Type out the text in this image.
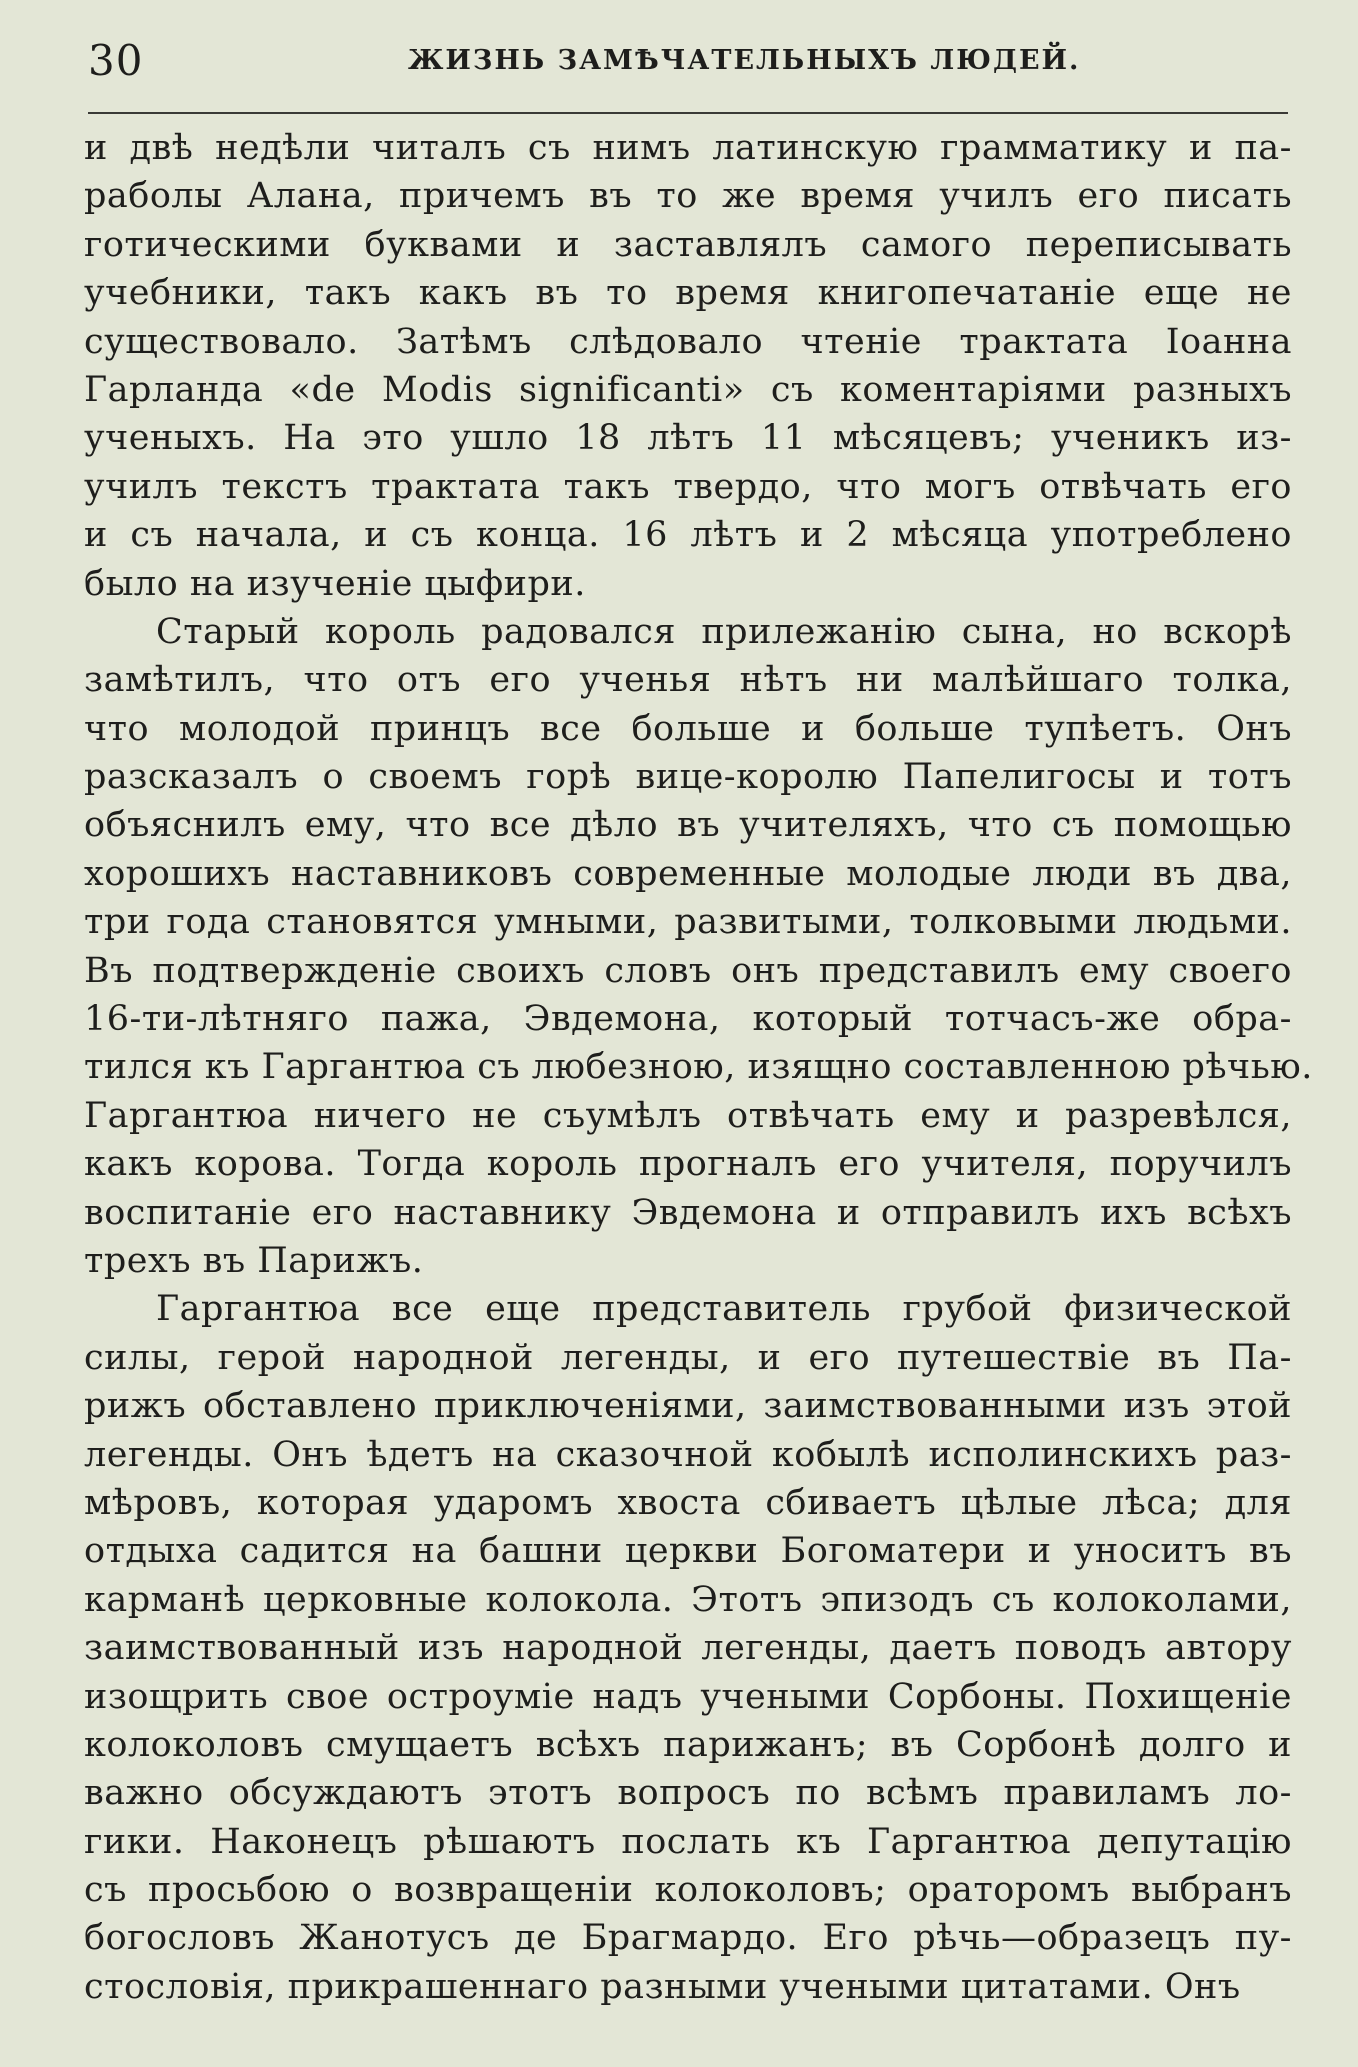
30	ЖИЗНЬ ЗАМѢЧАТЕЛЬНЫХЪ ЛЮДЕЙ.
и двѣ недѣли читалъ съ нимъ латинскую грамматику и па-
раболы Алана, причемъ въ то же время училъ его писать
готическими буквами и заставлялъ самого переписывать
учебники, такъ какъ въ то время книгопечатанiе еще не
существовало. Затѣмъ слѣдовало чтенiе трактата Iоанна
Гарланда «de Modis significanti» съ коментарiями разныхъ
ученыхъ. На это ушло 18 лѣтъ 11 мѣсяцевъ; ученикъ из-
училъ текстъ трактата такъ твердо, что могъ отвѣчать его
и съ начала, и съ конца. 16 лѣтъ и 2 мѣсяца употреблено
было на изученiе цыфири.
Старый король радовался прилежанiю сына, но вскорѣ
замѣтилъ, что отъ его ученья нѣтъ ни малѣйшаго толка,
что молодой принцъ все больше и больше тупѣетъ. Онъ
разсказалъ о своемъ горѣ вице-королю Папелигосы и тотъ
объяснилъ ему, что все дѣло въ учителяхъ, что съ помощью
хорошихъ наставниковъ современные молодые люди въ два,
три года становятся умными, развитыми, толковыми людьми.
Въ подтвержденiе своихъ словъ онъ представилъ ему своего
16-ти-лѣтняго пажа, Эвдемона, который тотчасъ-же обра-
тился къ Гаргантюа съ любезною, изящно составленною рѣчью.
Гаргантюа ничего не съумѣлъ отвѣчать ему и разревѣлся,
какъ корова. Тогда король прогналъ его учителя, поручилъ
воспитанiе его наставнику Эвдемона и отправилъ ихъ всѣхъ
трехъ въ Парижъ.
Гаргантюа все еще представитель грубой физической
силы, герой народной легенды, и его путешествiе въ Па-
рижъ обставлено приключенiями, заимствованными изъ этой
легенды. Онъ ѣдетъ на сказочной кобылѣ исполинскихъ раз-
мѣровъ, которая ударомъ хвоста сбиваетъ цѣлые лѣса; для
отдыха садится на башни церкви Богоматери и уноситъ въ
карманѣ церковные колокола. Этотъ эпизодъ съ колоколами,
заимствованный изъ народной легенды, даетъ поводъ автору
изощрить свое остроумiе надъ учеными Сорбоны. Похищенiе
колоколовъ смущаетъ всѣхъ парижанъ; въ Сорбонѣ долго и
важно обсуждаютъ этотъ вопросъ по всѣмъ правиламъ ло-
гики. Наконецъ рѣшаютъ послать къ Гаргантюа депутацiю
съ просьбою о возвращенiи колоколовъ; ораторомъ выбранъ
богословъ Жанотусъ де Брагмардо. Его рѣчь—образецъ пу-
стословiя, прикрашеннаго разными учеными цитатами. Онъ
